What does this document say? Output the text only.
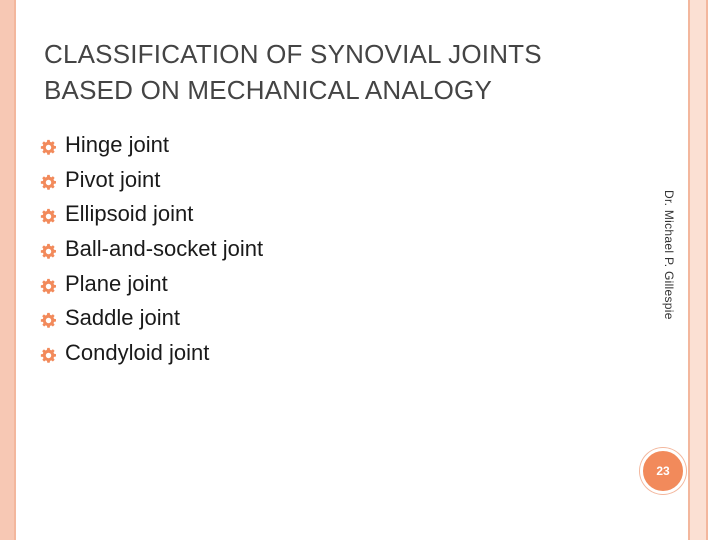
CLASSIFICATION OF SYNOVIAL JOINTS
BASED ON MECHANICAL ANALOGY
Hinge joint
Pivot joint
Ellipsoid joint
Ball-and-socket joint
Plane joint
Saddle joint
Condyloid joint
Dr. Michael P. Gillespie
23
